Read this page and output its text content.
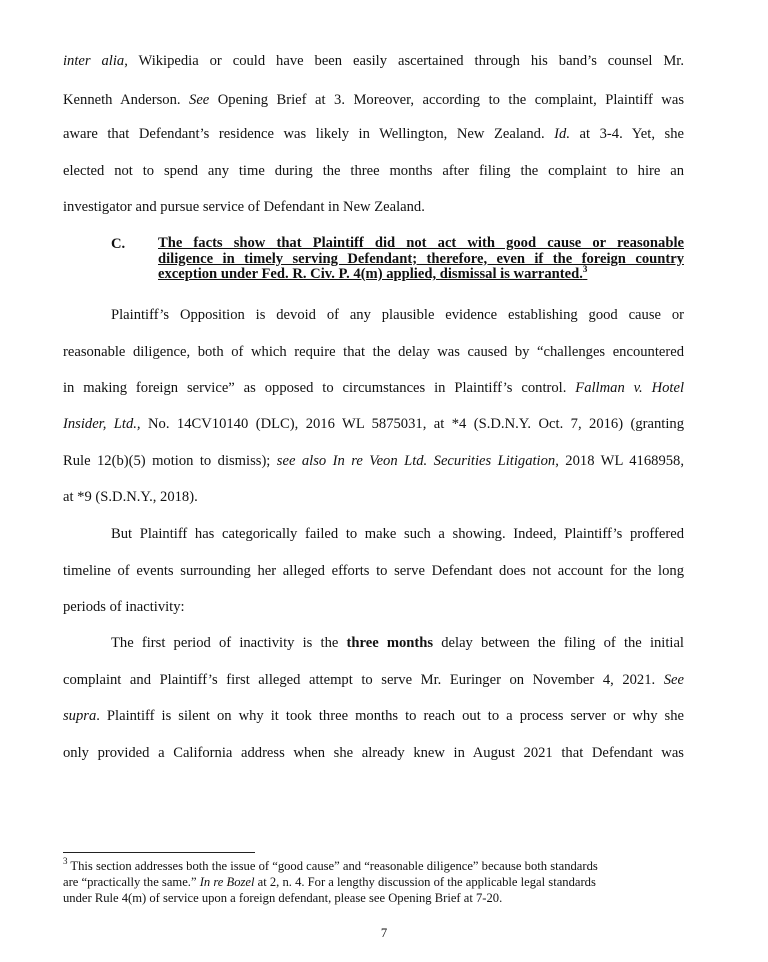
inter alia, Wikipedia or could have been easily ascertained through his band’s counsel Mr.
Kenneth Anderson. See Opening Brief at 3. Moreover, according to the complaint, Plaintiff was
aware that Defendant’s residence was likely in Wellington, New Zealand. Id. at 3-4. Yet, she
elected not to spend any time during the three months after filing the complaint to hire an
investigator and pursue service of Defendant in New Zealand.
C. The facts show that Plaintiff did not act with good cause or reasonable
diligence in timely serving Defendant; therefore, even if the foreign country
exception under Fed. R. Civ. P. 4(m) applied, dismissal is warranted.$^3$
Plaintiff’s Opposition is devoid of any plausible evidence establishing good cause or
reasonable diligence, both of which require that the delay was caused by “challenges encountered
in making foreign service” as opposed to circumstances in Plaintiff’s control. Fallman v. Hotel
Insider, Ltd., No. 14CV10140 (DLC), 2016 WL 5875031, at *4 (S.D.N.Y. Oct. 7, 2016) (granting
Rule 12(b)(5) motion to dismiss); see also In re Veon Ltd. Securities Litigation, 2018 WL 4168958,
at *9 (S.D.N.Y., 2018).
But Plaintiff has categorically failed to make such a showing. Indeed, Plaintiff’s proffered
timeline of events surrounding her alleged efforts to serve Defendant does not account for the long
periods of inactivity:
The first period of inactivity is the three months delay between the filing of the initial
complaint and Plaintiff’s first alleged attempt to serve Mr. Euringer on November 4, 2021. See
supra. Plaintiff is silent on why it took three months to reach out to a process server or why she
only provided a California address when she already knew in August 2021 that Defendant was
$^3$ This section addresses both the issue of “good cause” and “reasonable diligence” because both standards
are “practically the same.” In re Bozel at 2, n. 4. For a lengthy discussion of the applicable legal standards
under Rule 4(m) of service upon a foreign defendant, please see Opening Brief at 7-20.
7
